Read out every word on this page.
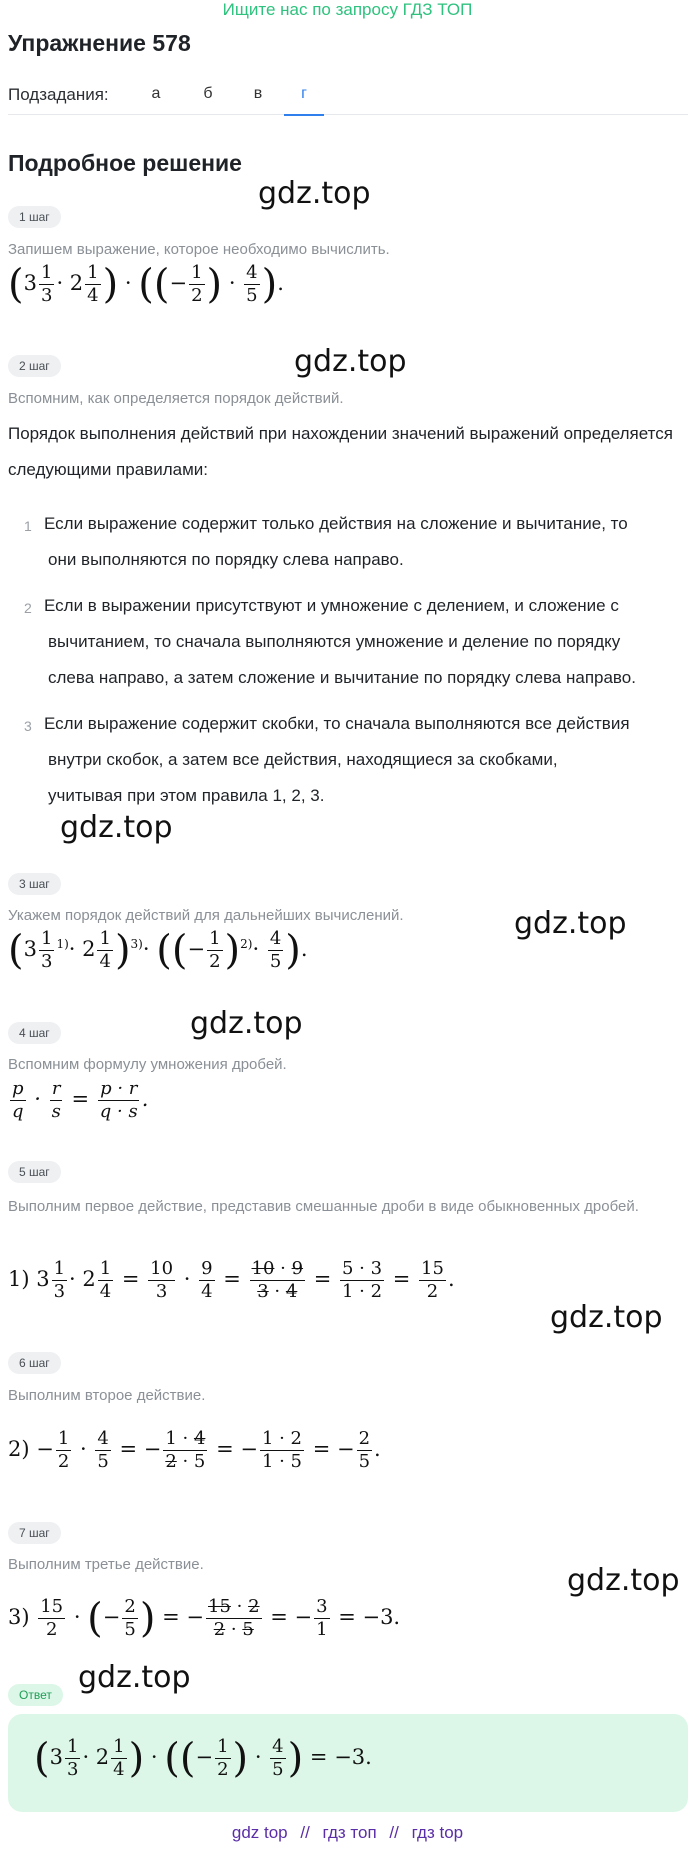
Ищите нас по запросу ГДЗ ТОП
Упражнение 578
Подзадания:	а	б	в	г
Подробное решение
gdz.top
gdz.top
gdz.top
gdz.top
gdz.top
gdz.top
gdz.top
gdz.top
1 шаг
Запишем выражение, которое необходимо вычислить.
($3 \frac{1}{3} \cdot 2 \frac{1}{4}$ ) · ((− $\frac{1}{2}$ ) · $\frac{4}{5}$ ).
2 шаг
Вспомним, как определяется порядок действий.
Порядок выполнения действий при нахождении значений выражений определяется следующими правилами:
1 Если выражение содержит только действия на сложение и вычитание, то
они выполняются по порядку слева направо.
2 Если в выражении присутствуют и умножение с делением, и сложение с
вычитанием, то сначала выполняются умножение и деление по порядку
слева направо, а затем сложение и вычитание по порядку слева направо.
3 Если выражение содержит скобки, то сначала выполняются все действия
внутри скобок, а затем все действия, находящиеся за скобками,
учитывая при этом правила 1, 2, 3.
3 шаг
Укажем порядок действий для дальнейших вычислений.
$(3 \frac{1}{3} ^{1)}\cdot 2 \frac{1}{4} )^{3)}\cdot$ ((− $\frac{1}{2} )^{2)}\cdot \frac{4}{5}$ ).
4 шаг
Вспомним формулу умножения дробей.
$\frac{p}{q} \cdot \frac{r}{s} = \frac{p \cdot r}{q \cdot s}$ .
5 шаг
Выполним первое действие, представив смешанные дроби в виде обыкновенных дробей.
1) $3 \frac{1}{3} \cdot 2 \frac{1}{4} = \frac{10}{3} \cdot \frac{9}{4} = \frac{10 \cdot 9}{3 \cdot 4} = \frac{5 \cdot 3}{1 \cdot 2} = \frac{15}{2}$ .
6 шаг
Выполним второе действие.
$2) - \frac{1}{2} \cdot \frac{4}{5}$ = − $\frac{1 \cdot 4}{2 \cdot 5}$ = − $\frac{1 \cdot 2}{1 \cdot 5}$ = − $\frac{2}{5}$ .
7 шаг
Выполним третье действие.
$3) \frac{15}{2}$ · (− $\frac{2}{5}$ ) = − $\frac{15 \cdot 2}{2 \cdot 5}$ = − $\frac{3}{1} = -3$.
Ответ
($3 \frac{1}{3} \cdot 2 \frac{1}{4}$ ) · ((− $\frac{1}{2}$ ) · $\frac{4}{5}$ ) = −3.
gdz top // гдз топ // гдз top
